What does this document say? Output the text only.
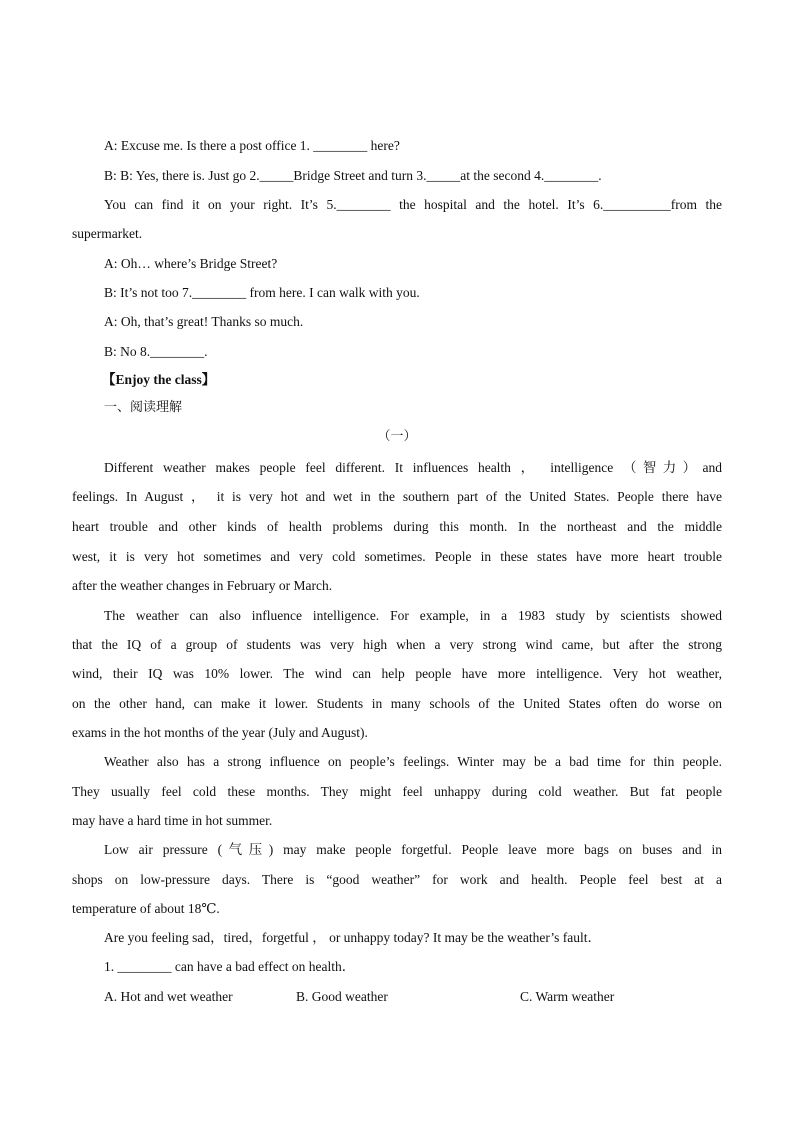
A: Excuse me. Is there a post office 1. ________ here?
B: B: Yes, there is. Just go 2._____Bridge Street and turn 3._____at the second 4.________.
You can find it on your right. It’s 5.________ the hospital and the hotel. It’s 6.__________from the
supermarket.
A: Oh… where’s Bridge Street?
B: It’s not too 7.________ from here. I can walk with you.
A: Oh, that’s great! Thanks so much.
B: No 8.________.
【Enjoy the class】
一、阅读理解
（一）
Different weather makes people feel different. It influences health ， intelligence （智力）and
feelings. In August ， it is very hot and wet in the southern part of the United States. People there have
heart trouble and other kinds of health problems during this month. In the northeast and the middle
west, it is very hot sometimes and very cold sometimes. People in these states have more heart trouble
after the weather changes in February or March.
The weather can also influence intelligence. For example, in a 1983 study by scientists showed
that the IQ of a group of students was very high when a very strong wind came, but after the strong
wind, their IQ was 10% lower. The wind can help people have more intelligence. Very hot weather,
on the other hand, can make it lower. Students in many schools of the United States often do worse on
exams in the hot months of the year (July and August).
Weather also has a strong influence on people’s feelings. Winter may be a bad time for thin people.
They usually feel cold these months. They might feel unhappy during cold weather. But fat people
may have a hard time in hot summer.
Low air pressure (气压) may make people forgetful. People leave more bags on buses and in
shops on low-pressure days. There is “good weather” for work and health. People feel best at a
temperature of about 18℃.
Are you feeling sad，tired，forgetful ， or unhappy today? It may be the weather’s fault．
1. ________ can have a bad effect on health．
A. Hot and wet weather	B. Good weather	C. Warm weather
